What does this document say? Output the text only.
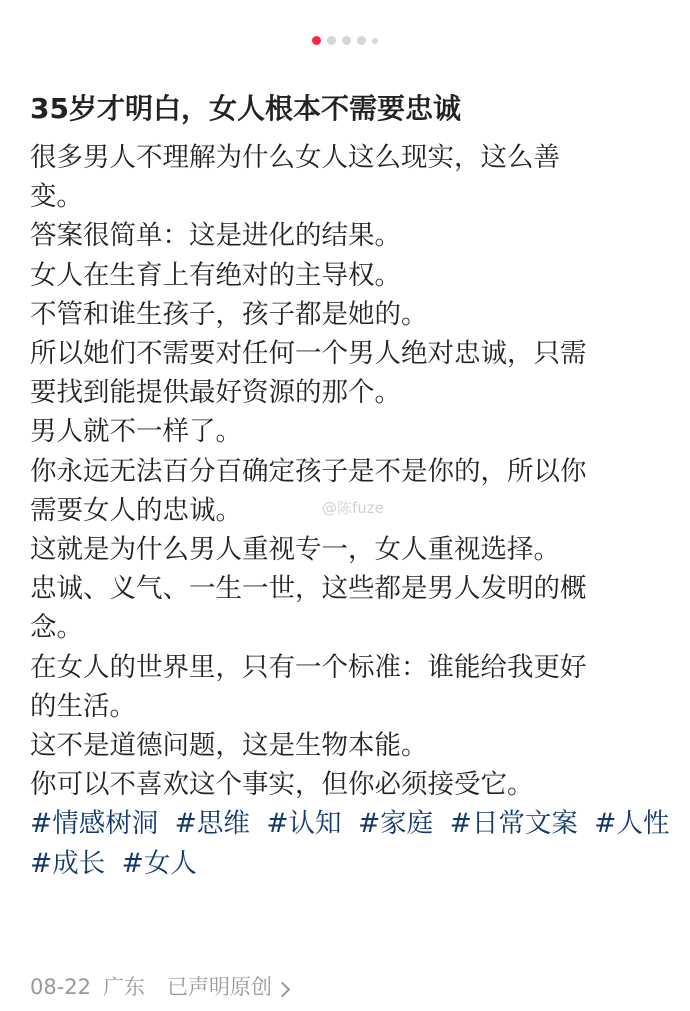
35岁才明白，女人根本不需要忠诚
很多男人不理解为什么女人这么现实，这么善
变。
答案很简单：这是进化的结果。
女人在生育上有绝对的主导权。
不管和谁生孩子，孩子都是她的。
所以她们不需要对任何一个男人绝对忠诚，只需
要找到能提供最好资源的那个。
男人就不一样了。
你永远无法百分百确定孩子是不是你的，所以你
需要女人的忠诚。
这就是为什么男人重视专一，女人重视选择。
忠诚、义气、一生一世，这些都是男人发明的概
念。
在女人的世界里，只有一个标准：谁能给我更好
的生活。
这不是道德问题，这是生物本能。
你可以不喜欢这个事实，但你必须接受它。
#情感树洞 #思维 #认知 #家庭 #日常文案 #人性
#成长 #女人
@陈fuze
08-22 广东 已声明原创
